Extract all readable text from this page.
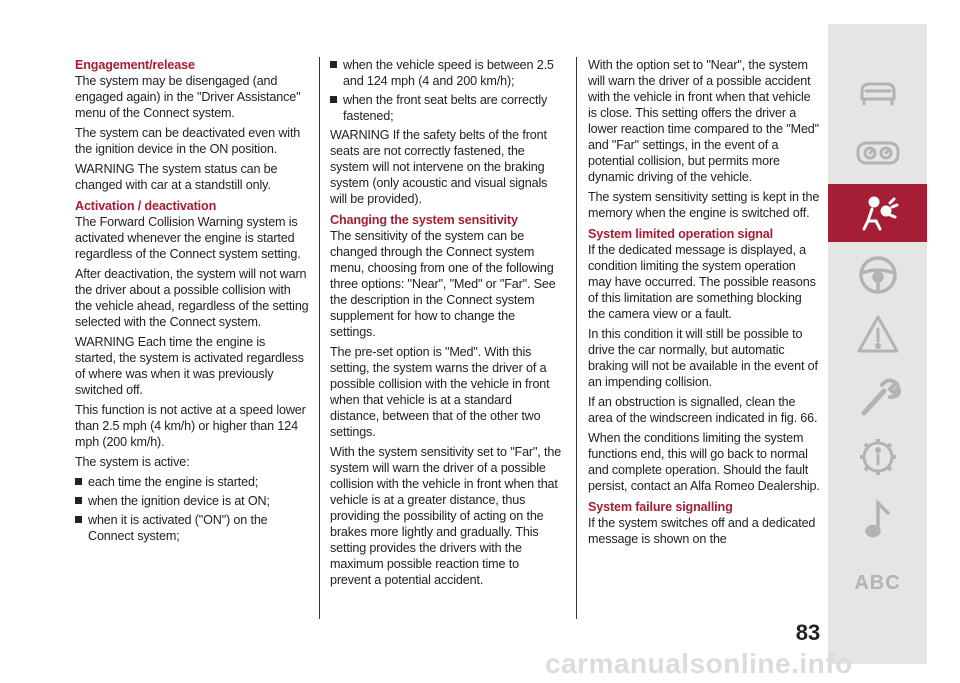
Engagement/release

The system may be disengaged (and engaged again) in the "Driver Assistance" menu of the Connect system.

The system can be deactivated even with the ignition device in the ON position.

WARNING The system status can be changed with car at a standstill only.

Activation / deactivation

The Forward Collision Warning system is activated whenever the engine is started regardless of the Connect system setting.

After deactivation, the system will not warn the driver about a possible collision with the vehicle ahead, regardless of the setting selected with the Connect system.

WARNING Each time the engine is started, the system is activated regardless of where was when it was previously switched off.

This function is not active at a speed lower than 2.5 mph (4 km/h) or higher than 124 mph (200 km/h).

The system is active:

each time the engine is started;
when the ignition device is at ON;
when it is activated ("ON") on the Connect system;
when the vehicle speed is between 2.5 and 124 mph (4 and 200 km/h);
when the front seat belts are correctly fastened;

WARNING If the safety belts of the front seats are not correctly fastened, the system will not intervene on the braking system (only acoustic and visual signals will be provided).

Changing the system sensitivity

The sensitivity of the system can be changed through the Connect system menu, choosing from one of the following three options: "Near", "Med" or "Far". See the description in the Connect system supplement for how to change the settings.

The pre-set option is "Med". With this setting, the system warns the driver of a possible collision with the vehicle in front when that vehicle is at a standard distance, between that of the other two settings.

With the system sensitivity set to "Far", the system will warn the driver of a possible collision with the vehicle in front when that vehicle is at a greater distance, thus providing the possibility of acting on the brakes more lightly and gradually. This setting provides the drivers with the maximum possible reaction time to prevent a potential accident.

With the option set to "Near", the system will warn the driver of a possible accident with the vehicle in front when that vehicle is close. This setting offers the driver a lower reaction time compared to the "Med" and "Far" settings, in the event of a potential collision, but permits more dynamic driving of the vehicle.

The system sensitivity setting is kept in the memory when the engine is switched off.

System limited operation signal

If the dedicated message is displayed, a condition limiting the system operation may have occurred. The possible reasons of this limitation are something blocking the camera view or a fault.

In this condition it will still be possible to drive the car normally, but automatic braking will not be available in the event of an impending collision.

If an obstruction is signalled, clean the area of the windscreen indicated in fig. 66.

When the conditions limiting the system functions end, this will go back to normal and complete operation. Should the fault persist, contact an Alfa Romeo Dealership.

System failure signalling

If the system switches off and a dedicated message is shown on the

ABC
83
carmanualsonline.info
